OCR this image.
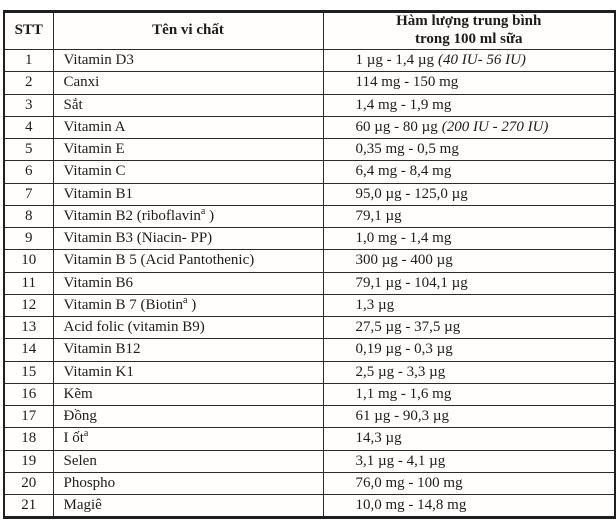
STT	Tên vi chất	Hàm lượng trung bình
trong 100 ml sữa

1	Vitamin D3	1 µg - 1,4 µg (40 IU- 56 IU)
2	Canxi	114 mg - 150 mg
3	Sắt	1,4 mg - 1,9 mg
4	Vitamin A	60 µg - 80 µg (200 IU - 270 IU)
5	Vitamin E	0,35 mg - 0,5 mg
6	Vitamin C	6,4 mg - 8,4 mg
7	Vitamin B1	95,0 µg - 125,0 µg
8	Vitamin B2 (riboflavin$^a$ )	79,1 µg
9	Vitamin B3 (Niacin- PP)	1,0 mg - 1,4 mg
10	Vitamin B 5 (Acid Pantothenic)	300 µg - 400 µg
11	Vitamin B6	79,1 µg - 104,1 µg
12	Vitamin B 7 (Biotin$^a$ )	1,3 µg
13	Acid folic (vitamin B9)	27,5 µg - 37,5 µg
14	Vitamin B12	0,19 µg - 0,3 µg
15	Vitamin K1	2,5 µg - 3,3 µg
16	Kẽm	1,1 mg - 1,6 mg
17	Đồng	61 µg - 90,3 µg
18	I ốt$^a$	14,3 µg
19	Selen	3,1 µg - 4,1 µg
20	Phospho	76,0 mg - 100 mg
21	Magiê	10,0 mg - 14,8 mg
